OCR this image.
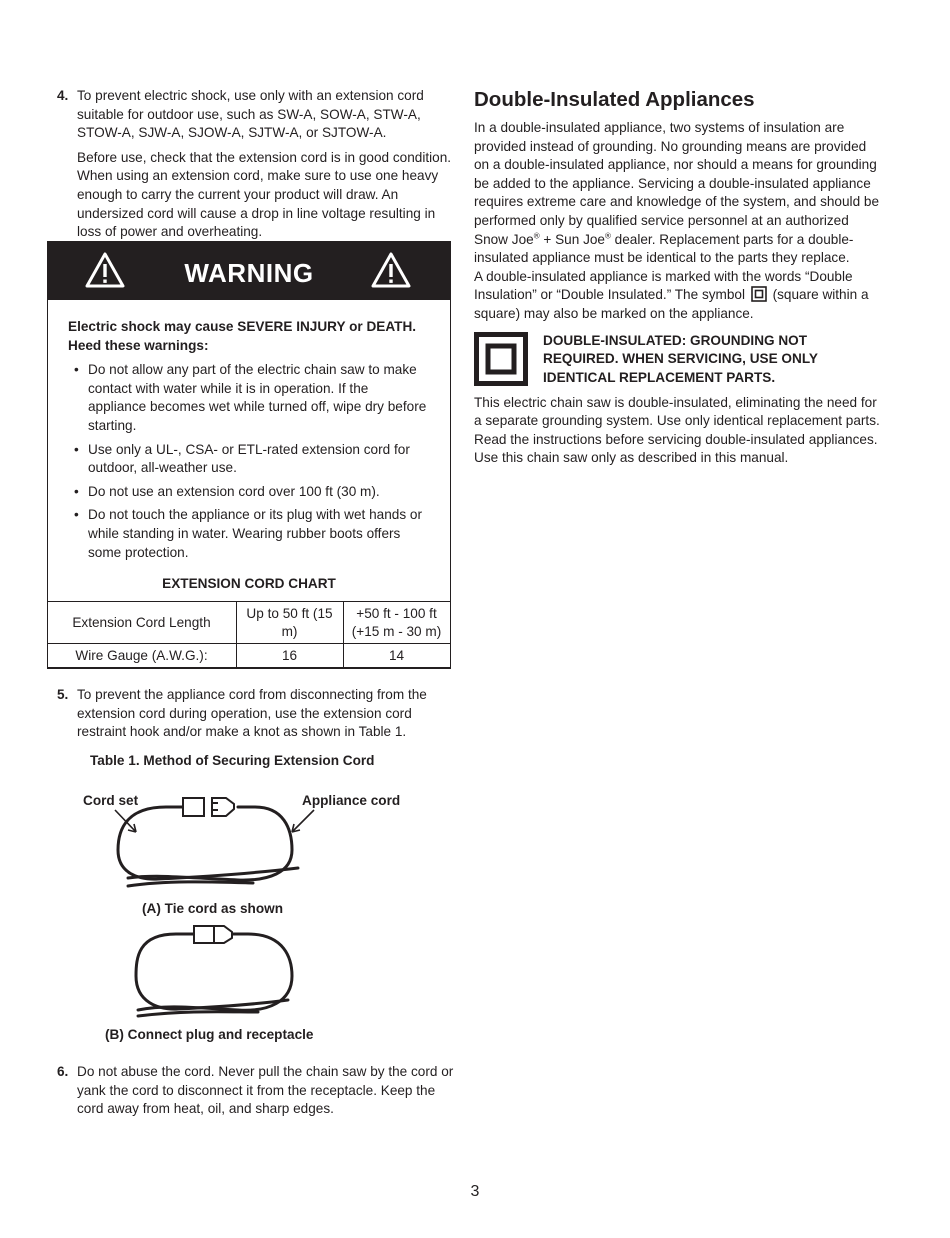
4. To prevent electric shock, use only with an extension cord suitable for outdoor use, such as SW-A, SOW-A, STW-A, STOW-A, SJW-A, SJOW-A, SJTW-A, or SJTOW-A.

Before use, check that the extension cord is in good condition. When using an extension cord, make sure to use one heavy enough to carry the current your product will draw. An undersized cord will cause a drop in line voltage resulting in loss of power and overheating.

WARNING

Electric shock may cause SEVERE INJURY or DEATH. Heed these warnings:

• Do not allow any part of the electric chain saw to make contact with water while it is in operation. If the appliance becomes wet while turned off, wipe dry before starting.
• Use only a UL-, CSA- or ETL-rated extension cord for outdoor, all-weather use.
• Do not use an extension cord over 100 ft (30 m).
• Do not touch the appliance or its plug with wet hands or while standing in water. Wearing rubber boots offers some protection.
EXTENSION CORD CHART
Extension Cord Length	Up to 50 ft (15 m)	+50 ft - 100 ft (+15 m - 30 m)
Wire Gauge (A.W.G.):	16	14
5. To prevent the appliance cord from disconnecting from the extension cord during operation, use the extension cord restraint hook and/or make a knot as shown in Table 1.

Table 1. Method of Securing Extension Cord
Cord set	Appliance cord
(A) Tie cord as shown
(B) Connect plug and receptacle
6. Do not abuse the cord. Never pull the chain saw by the cord or yank the cord to disconnect it from the receptacle. Keep the cord away from heat, oil, and sharp edges.

Double-Insulated Appliances

In a double-insulated appliance, two systems of insulation are provided instead of grounding. No grounding means are provided on a double-insulated appliance, nor should a means for grounding be added to the appliance. Servicing a double-insulated appliance requires extreme care and knowledge of the system, and should be performed only by qualified service personnel at an authorized Snow Joe® + Sun Joe® dealer. Replacement parts for a double-insulated appliance must be identical to the parts they replace.

A double-insulated appliance is marked with the words “Double Insulation” or “Double Insulated.” The symbol (square within a square) may also be marked on the appliance.

DOUBLE-INSULATED: GROUNDING NOT REQUIRED. WHEN SERVICING, USE ONLY IDENTICAL REPLACEMENT PARTS.

This electric chain saw is double-insulated, eliminating the need for a separate grounding system. Use only identical replacement parts. Read the instructions before servicing double-insulated appliances. Use this chain saw only as described in this manual.

3
